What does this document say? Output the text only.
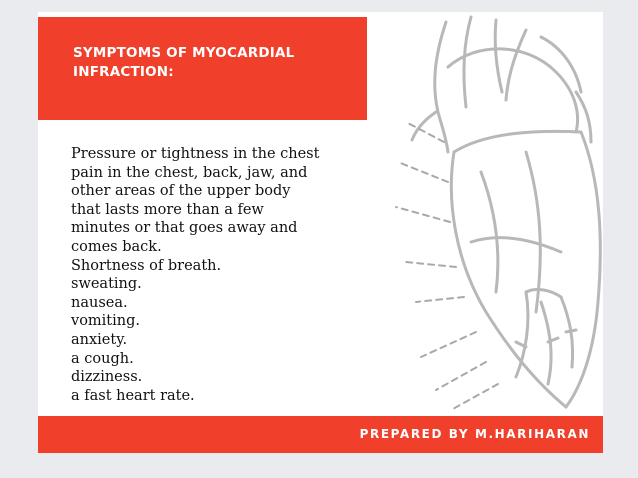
SYMPTOMS OF MYOCARDIAL
INFRACTION:

Pressure or tightness in the chest
pain in the chest, back, jaw, and
other areas of the upper body
that lasts more than a few
minutes or that goes away and
comes back.
Shortness of breath.
sweating.
nausea.
vomiting.
anxiety.
a cough.
dizziness.
a fast heart rate.

PREPARED BY M.HARIHARAN
